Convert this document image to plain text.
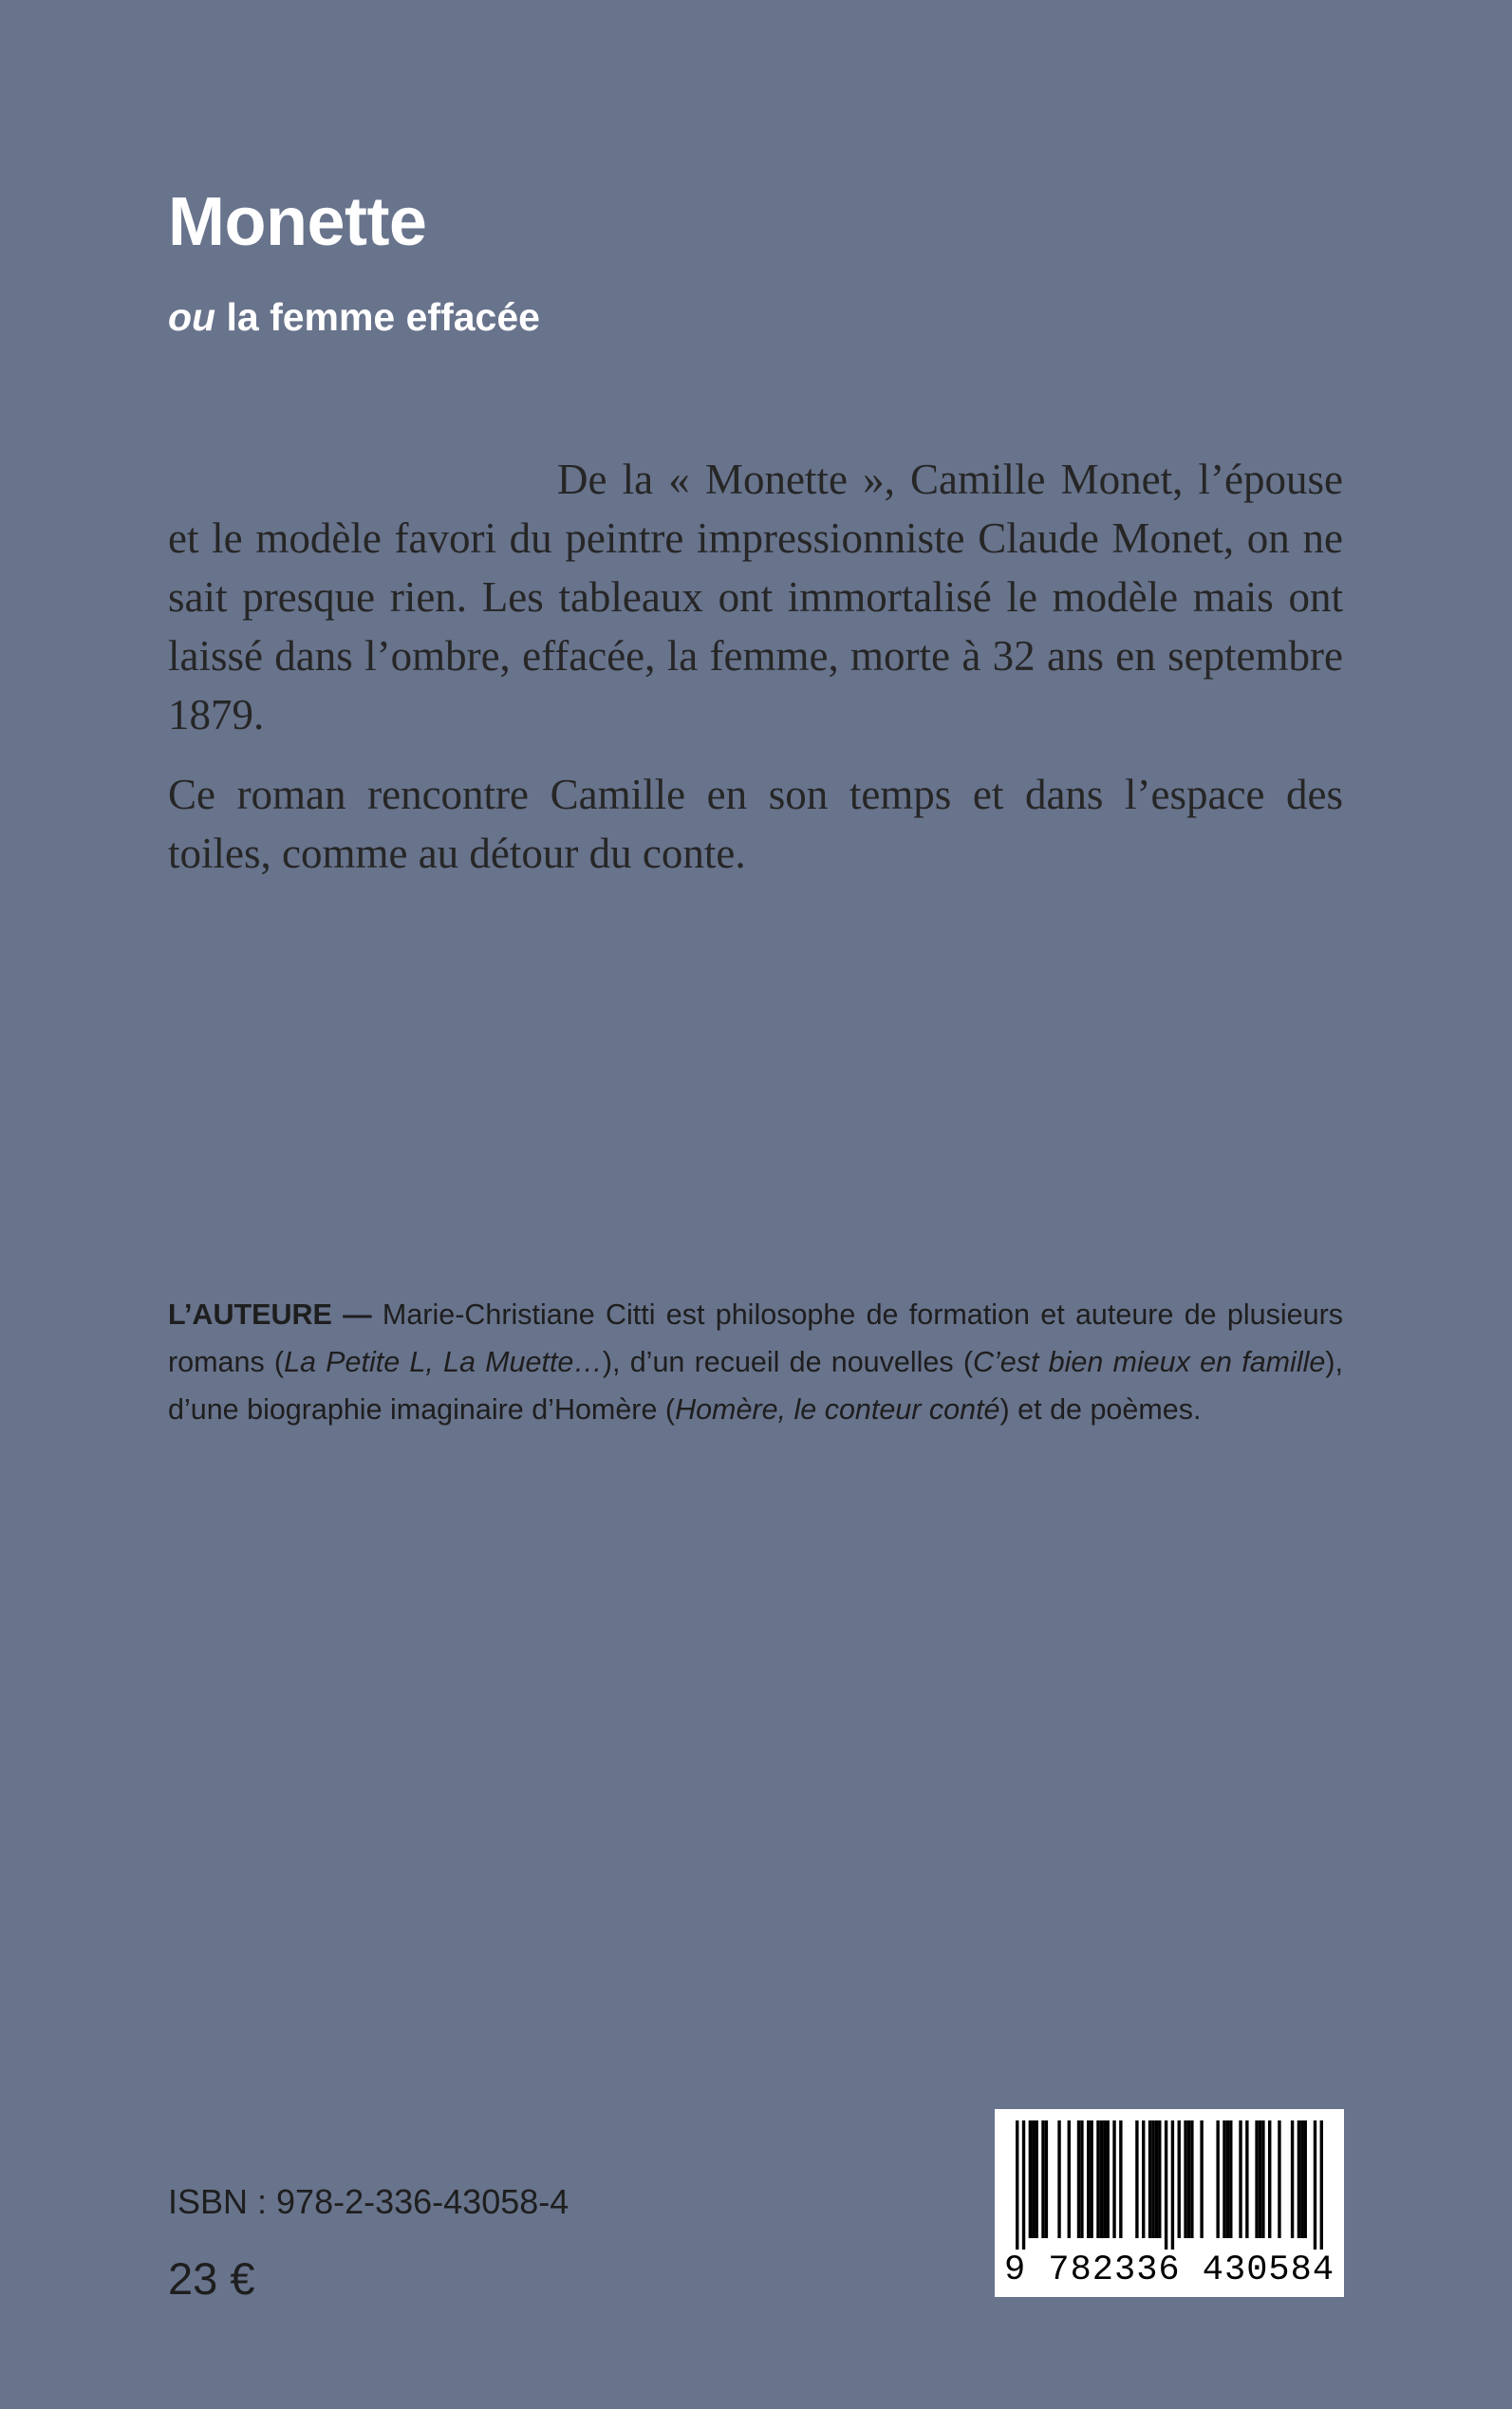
Monette
ou la femme effacée

De la « Monette », Camille Monet, l’épouse et le modèle favori du peintre impressionniste Claude Monet, on ne sait presque rien. Les tableaux ont immortalisé le modèle mais ont laissé dans l’ombre, effacée, la femme, morte à 32 ans en septembre 1879.

Ce roman rencontre Camille en son temps et dans l’espace des toiles, comme au détour du conte.

L’AUTEURE — Marie-Christiane Citti est philosophe de formation et auteure de plusieurs romans (La Petite L, La Muette…), d’un recueil de nouvelles (C’est bien mieux en famille), d’une biographie imaginaire d’Homère (Homère, le conteur conté) et de poèmes.

ISBN : 978-2-336-43058-4

23 €	9 782336 430584
